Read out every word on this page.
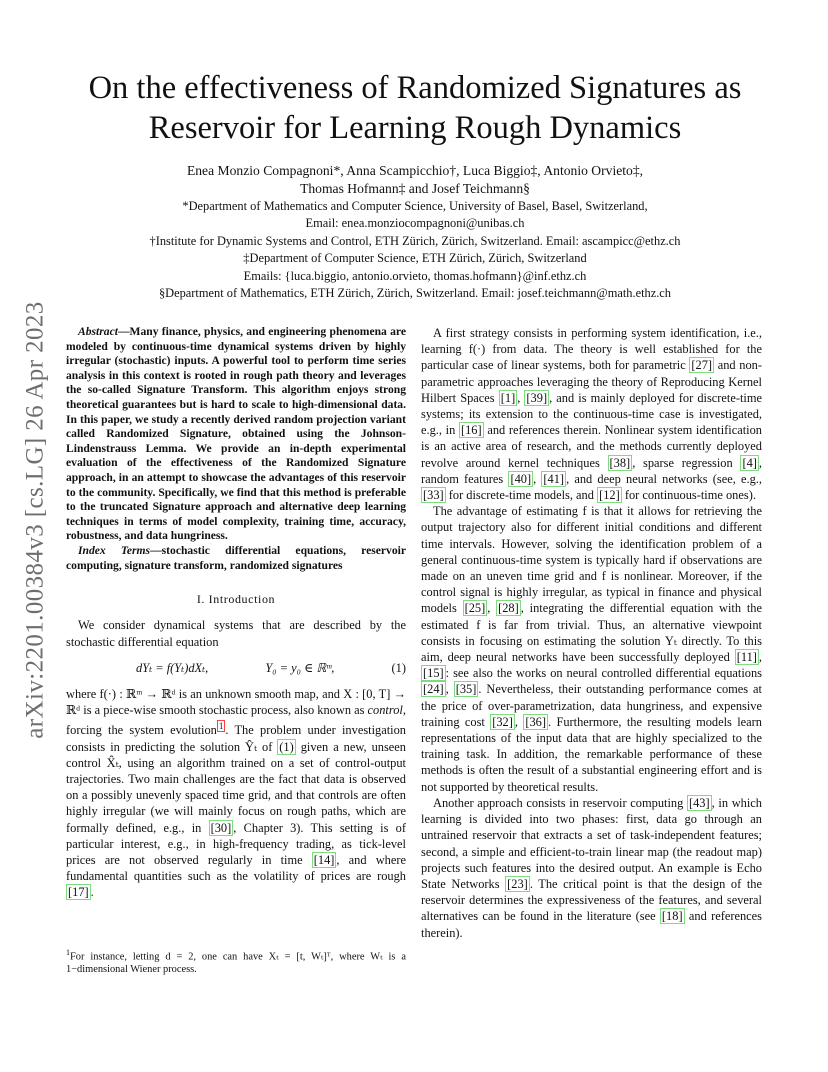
arXiv:2201.00384v3 [cs.LG] 26 Apr 2023
On the effectiveness of Randomized Signatures as
Reservoir for Learning Rough Dynamics
Enea Monzio Compagnoni*, Anna Scampicchio†, Luca Biggio‡, Antonio Orvieto‡,
Thomas Hofmann‡ and Josef Teichmann§
*Department of Mathematics and Computer Science, University of Basel, Basel, Switzerland,
Email: enea.monziocompagnoni@unibas.ch
†Institute for Dynamic Systems and Control, ETH Zürich, Zürich, Switzerland. Email: ascampicc@ethz.ch
‡Department of Computer Science, ETH Zürich, Zürich, Switzerland
Emails: {luca.biggio, antonio.orvieto, thomas.hofmann}@inf.ethz.ch
§Department of Mathematics, ETH Zürich, Zürich, Switzerland. Email: josef.teichmann@math.ethz.ch

Abstract—Many finance, physics, and engineering phenomena are modeled by continuous-time dynamical systems driven by highly irregular (stochastic) inputs. A powerful tool to perform time series analysis in this context is rooted in rough path theory and leverages the so-called Signature Transform. This algorithm enjoys strong theoretical guarantees but is hard to scale to high-dimensional data. In this paper, we study a recently derived random projection variant called Randomized Signature, obtained using the Johnson-Lindenstrauss Lemma. We provide an in-depth experimental evaluation of the effectiveness of the Randomized Signature approach, in an attempt to showcase the advantages of this reservoir to the community. Specifically, we find that this method is preferable to the truncated Signature approach and alternative deep learning techniques in terms of model complexity, training time, accuracy, robustness, and data hungriness.

Index Terms—stochastic differential equations, reservoir computing, signature transform, randomized signatures

I. Introduction

We consider dynamical systems that are described by the stochastic differential equation

dYₜ = f(Yₜ)dXₜ,	Y₀ = y₀ ∈ ℝᵐ,	(1)

where f(·) : ℝᵐ → ℝᵈ is an unknown smooth map, and X : [0, T] → ℝᵈ is a piece-wise smooth stochastic process, also known as control, forcing the system evolution $^1$ . The problem under investigation consists in predicting the solution Ŷₜ of (1) given a new, unseen control X̂ₜ, using an algorithm trained on a set of control-output trajectories. Two main challenges are the fact that data is observed on a possibly unevenly spaced time grid, and that controls are often highly irregular (we will mainly focus on rough paths, which are formally defined, e.g., in [30] , Chapter 3). This setting is of particular interest, e.g., in high-frequency trading, as tick-level prices are not observed regularly in time [14] , and where fundamental quantities such as the volatility of prices are rough [17] .

$^1$For instance, letting d = 2, one can have Xₜ = [t, Wₜ]ᵀ, where Wₜ is a 1−dimensional Wiener process.

A first strategy consists in performing system identification, i.e., learning f(·) from data. The theory is well established for the particular case of linear systems, both for parametric [27] and non-parametric approaches leveraging the theory of Reproducing Kernel Hilbert Spaces [1] , [39] , and is mainly deployed for discrete-time systems; its extension to the continuous-time case is investigated, e.g., in [16] and references therein. Nonlinear system identification is an active area of research, and the methods currently deployed revolve around kernel techniques [38] , sparse regression [4] , random features [40] , [41] , and deep neural networks (see, e.g., [33] for discrete-time models, and [12] for continuous-time ones).

The advantage of estimating f is that it allows for retrieving the output trajectory also for different initial conditions and different time intervals. However, solving the identification problem of a general continuous-time system is typically hard if observations are made on an uneven time grid and f is nonlinear. Moreover, if the control signal is highly irregular, as typical in finance and physical models [25] , [28] , integrating the differential equation with the estimated f is far from trivial. Thus, an alternative viewpoint consists in focusing on estimating the solution Yₜ directly. To this aim, deep neural networks have been successfully deployed [11] , [15] : see also the works on neural controlled differential equations [24] , [35] . Nevertheless, their outstanding performance comes at the price of over-parametrization, data hungriness, and expensive training cost [32] , [36] . Furthermore, the resulting models learn representations of the input data that are highly specialized to the training task. In addition, the remarkable performance of these methods is often the result of a substantial engineering effort and is not supported by theoretical results.

Another approach consists in reservoir computing [43] , in which learning is divided into two phases: first, data go through an untrained reservoir that extracts a set of task-independent features; second, a simple and efficient-to-train linear map (the readout map) projects such features into the desired output. An example is Echo State Networks [23] . The critical point is that the design of the reservoir determines the expressiveness of the features, and several alternatives can be found in the literature (see [18] and references therein).
